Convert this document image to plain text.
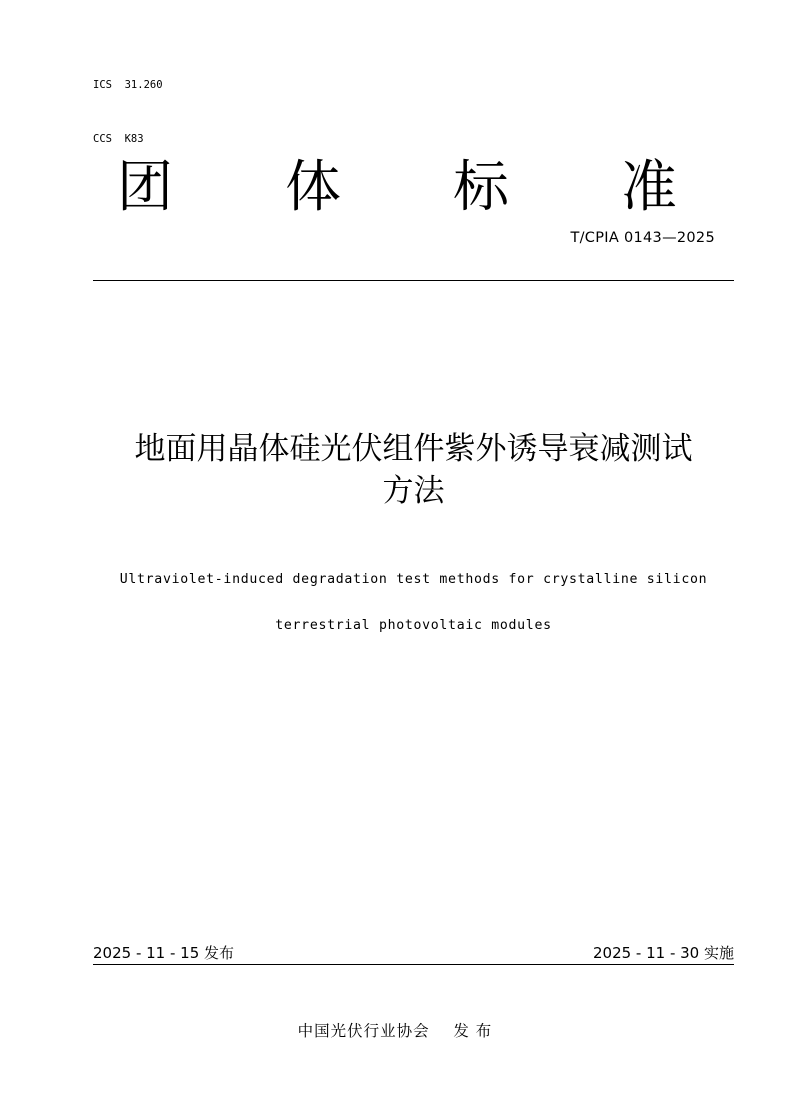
ICS  31.260

CCS  K83

团 体 标 准
T/CPIA 0143—2025
地面用晶体硅光伏组件紫外诱导衰减测试
方法

Ultraviolet-induced degradation test methods for crystalline silicon

terrestrial photovoltaic modules

2025 - 11 - 15 发布	2025 - 11 - 30 实施
中国光伏行业协会    发 布
